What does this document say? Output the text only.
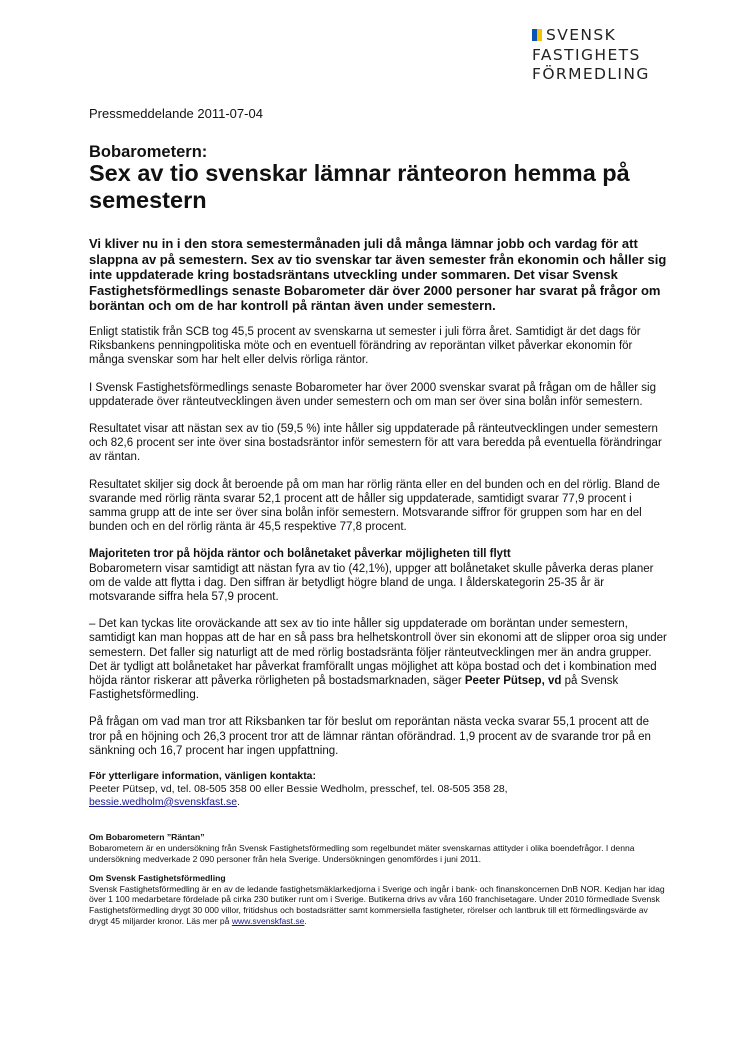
SVENSK
FASTIGHETS
FÖRMEDLING
Pressmeddelande 2011-07-04
Bobarometern:
Sex av tio svenskar lämnar ränteoron hemma på semestern

Vi kliver nu in i den stora semestermånaden juli då många lämnar jobb och vardag för att slappna av på semestern. Sex av tio svenskar tar även semester från ekonomin och håller sig inte uppdaterade kring bostadsräntans utveckling under sommaren. Det visar Svensk Fastighetsförmedlings senaste Bobarometer där över 2000 personer har svarat på frågor om boräntan och om de har kontroll på räntan även under semestern.

Enligt statistik från SCB tog 45,5 procent av svenskarna ut semester i juli förra året. Samtidigt är det dags för Riksbankens penningpolitiska möte och en eventuell förändring av reporäntan vilket påverkar ekonomin för många svenskar som har helt eller delvis rörliga räntor.

I Svensk Fastighetsförmedlings senaste Bobarometer har över 2000 svenskar svarat på frågan om de håller sig uppdaterade över ränteutvecklingen även under semestern och om man ser över sina bolån inför semestern.

Resultatet visar att nästan sex av tio (59,5 %) inte håller sig uppdaterade på ränteutvecklingen under semestern och 82,6 procent ser inte över sina bostadsräntor inför semestern för att vara beredda på eventuella förändringar av räntan.

Resultatet skiljer sig dock åt beroende på om man har rörlig ränta eller en del bunden och en del rörlig. Bland de svarande med rörlig ränta svarar 52,1 procent att de håller sig uppdaterade, samtidigt svarar 77,9 procent i samma grupp att de inte ser över sina bolån inför semestern. Motsvarande siffror för gruppen som har en del bunden och en del rörlig ränta är 45,5 respektive 77,8 procent.

Majoriteten tror på höjda räntor och bolånetaket påverkar möjligheten till flytt
Bobarometern visar samtidigt att nästan fyra av tio (42,1%), uppger att bolånetaket skulle påverka deras planer om de valde att flytta i dag. Den siffran är betydligt högre bland de unga. I ålderskategorin 25-35 år är motsvarande siffra hela 57,9 procent.

– Det kan tyckas lite oroväckande att sex av tio inte håller sig uppdaterade om boräntan under semestern, samtidigt kan man hoppas att de har en så pass bra helhetskontroll över sin ekonomi att de slipper oroa sig under semestern. Det faller sig naturligt att de med rörlig bostadsränta följer ränteutvecklingen mer än andra grupper. Det är tydligt att bolånetaket har påverkat framförallt ungas möjlighet att köpa bostad och det i kombination med höjda räntor riskerar att påverka rörligheten på bostadsmarknaden, säger Peeter Pütsep, vd på Svensk Fastighetsförmedling.

På frågan om vad man tror att Riksbanken tar för beslut om reporäntan nästa vecka svarar 55,1 procent att de tror på en höjning och 26,3 procent tror att de lämnar räntan oförändrad. 1,9 procent av de svarande tror på en sänkning och 16,7 procent har ingen uppfattning.

För ytterligare information, vänligen kontakta:
Peeter Pütsep, vd, tel. 08-505 358 00 eller Bessie Wedholm, presschef, tel. 08-505 358 28,
bessie.wedholm@svenskfast.se.
Om Bobarometern ”Räntan”
Bobarometern är en undersökning från Svensk Fastighetsförmedling som regelbundet mäter svenskarnas attityder i olika boendefrågor. I denna undersökning medverkade 2 090 personer från hela Sverige. Undersökningen genomfördes i juni 2011.
Om Svensk Fastighetsförmedling
Svensk Fastighetsförmedling är en av de ledande fastighetsmäklarkedjorna i Sverige och ingår i bank- och finanskoncernen DnB NOR. Kedjan har idag över 1 100 medarbetare fördelade på cirka 230 butiker runt om i Sverige. Butikerna drivs av våra 160 franchisetagare. Under 2010 förmedlade Svensk Fastighetsförmedling drygt 30 000 villor, fritidshus och bostadsrätter samt kommersiella fastigheter, rörelser och lantbruk till ett förmedlingsvärde av drygt 45 miljarder kronor. Läs mer på www.svenskfast.se.
